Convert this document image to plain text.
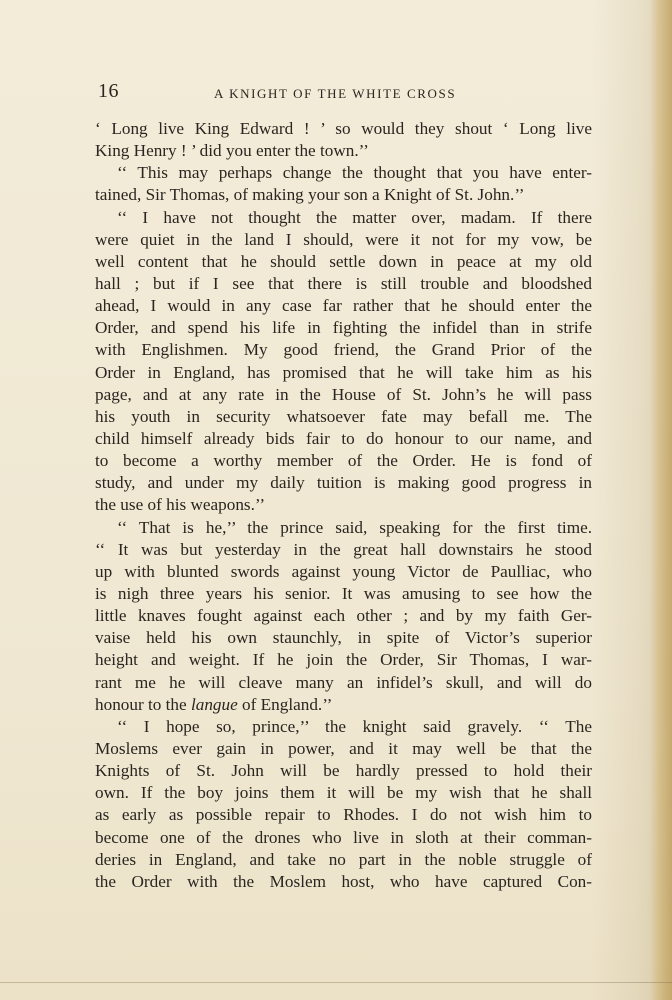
16	A KNIGHT OF THE WHITE CROSS
‘ Long live King Edward ! ’ so would they shout ‘ Long live
King Henry ! ’ did you enter the town.’’
‘‘ This may perhaps change the thought that you have enter-
tained, Sir Thomas, of making your son a Knight of St. John.’’
‘‘ I have not thought the matter over, madam. If there
were quiet in the land I should, were it not for my vow, be
well content that he should settle down in peace at my old
hall ; but if I see that there is still trouble and bloodshed
ahead, I would in any case far rather that he should enter the
Order, and spend his life in fighting the infidel than in strife
with Englishmen. My good friend, the Grand Prior of the
Order in England, has promised that he will take him as his
page, and at any rate in the House of St. John’s he will pass
his youth in security whatsoever fate may befall me. The
child himself already bids fair to do honour to our name, and
to become a worthy member of the Order. He is fond of
study, and under my daily tuition is making good progress in
the use of his weapons.’’
‘‘ That is he,’’ the prince said, speaking for the first time.
‘‘ It was but yesterday in the great hall downstairs he stood
up with blunted swords against young Victor de Paulliac, who
is nigh three years his senior. It was amusing to see how the
little knaves fought against each other ; and by my faith Ger-
vaise held his own staunchly, in spite of Victor’s superior
height and weight. If he join the Order, Sir Thomas, I war-
rant me he will cleave many an infidel’s skull, and will do
honour to the langue of England.’’
‘‘ I hope so, prince,’’ the knight said gravely. ‘‘ The
Moslems ever gain in power, and it may well be that the
Knights of St. John will be hardly pressed to hold their
own. If the boy joins them it will be my wish that he shall
as early as possible repair to Rhodes. I do not wish him to
become one of the drones who live in sloth at their comman-
deries in England, and take no part in the noble struggle of
the Order with the Moslem host, who have captured Con-
